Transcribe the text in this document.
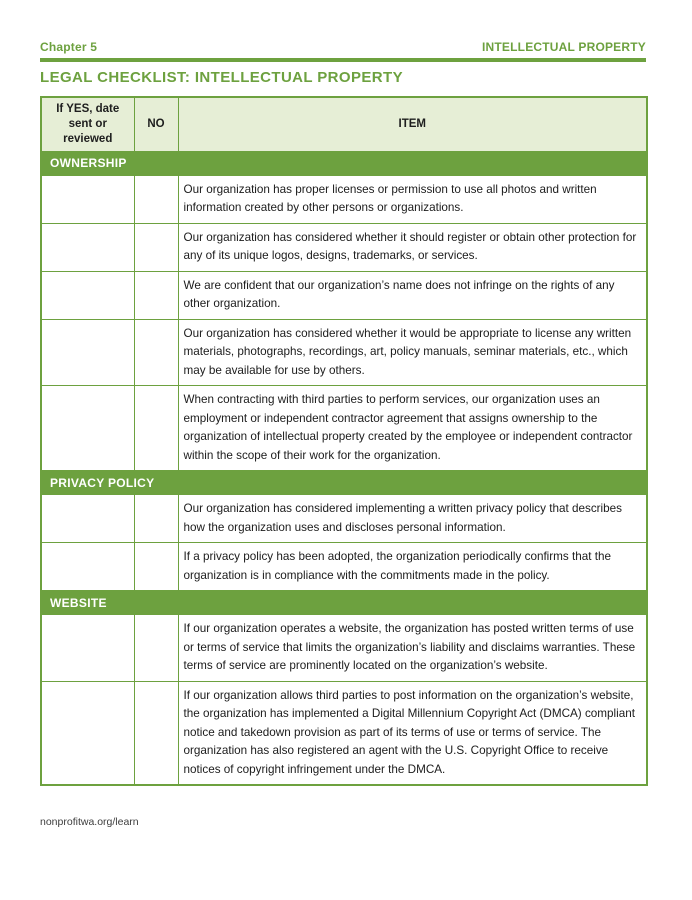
Chapter 5	INTELLECTUAL PROPERTY
LEGAL CHECKLIST: INTELLECTUAL PROPERTY
If YES, date sent or reviewed	NO	ITEM
OWNERSHIP		
		Our organization has proper licenses or permission to use all photos and written information created by other persons or organizations.
		Our organization has considered whether it should register or obtain other protection for any of its unique logos, designs, trademarks, or services.
		We are confident that our organization’s name does not infringe on the rights of any other organization.
		Our organization has considered whether it would be appropriate to license any written materials, photographs, recordings, art, policy manuals, seminar materials, etc., which may be available for use by others.
		When contracting with third parties to perform services, our organization uses an employment or independent contractor agreement that assigns ownership to the organization of intellectual property created by the employee or independent contractor within the scope of their work for the organization.
PRIVACY POLICY		
		Our organization has considered implementing a written privacy policy that describes how the organization uses and discloses personal information.
		If a privacy policy has been adopted, the organization periodically confirms that the organization is in compliance with the commitments made in the policy.
WEBSITE		
		If our organization operates a website, the organization has posted written terms of use or terms of service that limits the organization’s liability and disclaims warranties. These terms of service are prominently located on the organization’s website.
		If our organization allows third parties to post information on the organization’s website, the organization has implemented a Digital Millennium Copyright Act (DMCA) compliant notice and takedown provision as part of its terms of use or terms of service. The organization has also registered an agent with the U.S. Copyright Office to receive notices of copyright infringement under the DMCA.
nonprofitwa.org/learn
